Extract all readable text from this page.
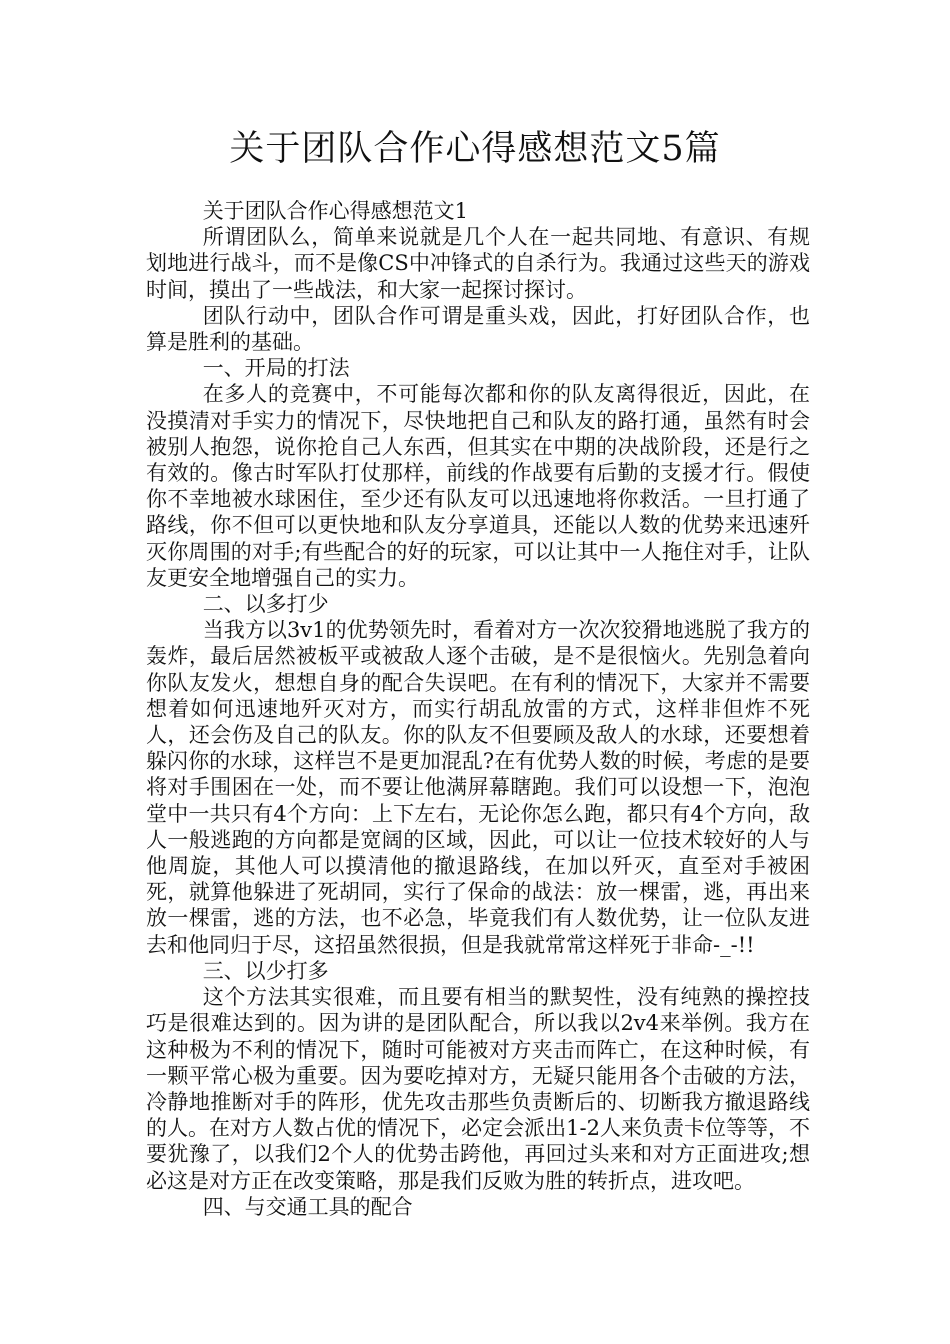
关于团队合作心得感想范文5篇

关于团队合作心得感想范文1

所谓团队么，简单来说就是几个人在一起共同地、有意识、有规划地进行战斗，而不是像CS中冲锋式的自杀行为。我通过这些天的游戏时间，摸出了一些战法，和大家一起探讨探讨。

团队行动中，团队合作可谓是重头戏，因此，打好团队合作，也算是胜利的基础。

一、开局的打法

在多人的竞赛中，不可能每次都和你的队友离得很近，因此，在没摸清对手实力的情况下，尽快地把自己和队友的路打通，虽然有时会被别人抱怨，说你抢自己人东西，但其实在中期的决战阶段，还是行之有效的。像古时军队打仗那样，前线的作战要有后勤的支援才行。假使你不幸地被水球困住，至少还有队友可以迅速地将你救活。一旦打通了路线，你不但可以更快地和队友分享道具，还能以人数的优势来迅速歼灭你周围的对手;有些配合的好的玩家，可以让其中一人拖住对手，让队友更安全地增强自己的实力。

二、以多打少

当我方以3v1的优势领先时，看着对方一次次狡猾地逃脱了我方的轰炸，最后居然被板平或被敌人逐个击破，是不是很恼火。先别急着向你队友发火，想想自身的配合失误吧。在有利的情况下，大家并不需要想着如何迅速地歼灭对方，而实行胡乱放雷的方式，这样非但炸不死人，还会伤及自己的队友。你的队友不但要顾及敌人的水球，还要想着躲闪你的水球，这样岂不是更加混乱?在有优势人数的时候，考虑的是要将对手围困在一处，而不要让他满屏幕瞎跑。我们可以设想一下，泡泡堂中一共只有4个方向：上下左右，无论你怎么跑，都只有4个方向，敌人一般逃跑的方向都是宽阔的区域，因此，可以让一位技术较好的人与他周旋，其他人可以摸清他的撤退路线，在加以歼灭，直至对手被困死，就算他躲进了死胡同，实行了保命的战法：放一棵雷，逃，再出来放一棵雷，逃的方法，也不必急，毕竟我们有人数优势，让一位队友进去和他同归于尽，这招虽然很损，但是我就常常这样死于非命-_-!!

三、以少打多

这个方法其实很难，而且要有相当的默契性，没有纯熟的操控技巧是很难达到的。因为讲的是团队配合，所以我以2v4来举例。我方在这种极为不利的情况下，随时可能被对方夹击而阵亡，在这种时候，有一颗平常心极为重要。因为要吃掉对方，无疑只能用各个击破的方法，冷静地推断对手的阵形，优先攻击那些负责断后的、切断我方撤退路线的人。在对方人数占优的情况下，必定会派出1-2人来负责卡位等等，不要犹豫了，以我们2个人的优势击跨他，再回过头来和对方正面进攻;想必这是对方正在改变策略，那是我们反败为胜的转折点，进攻吧。

四、与交通工具的配合
